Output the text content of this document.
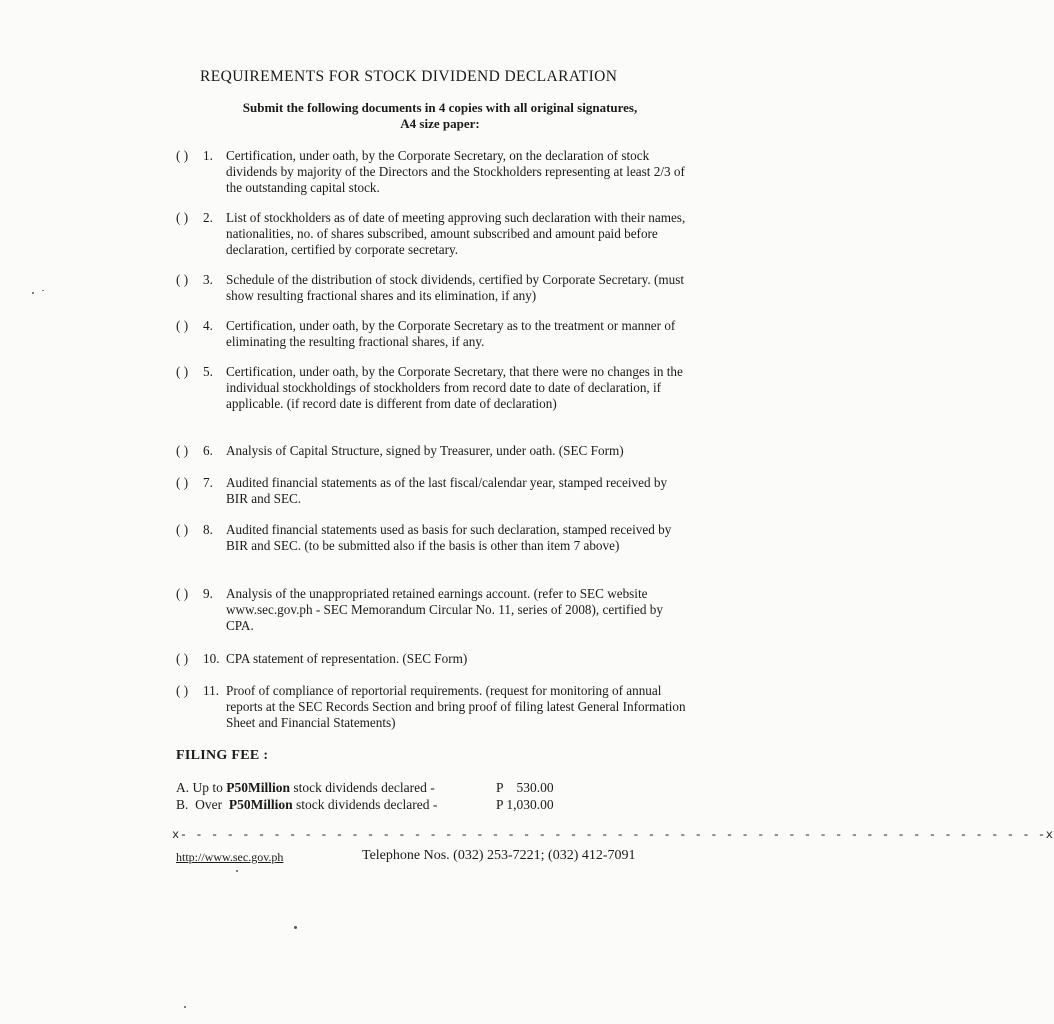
REQUIREMENTS FOR STOCK DIVIDEND DECLARATION
Submit the following documents in 4 copies with all original signatures,
A4 size paper:
( ) 1. Certification, under oath, by the Corporate Secretary, on the declaration of stock dividends by majority of the Directors and the Stockholders representing at least 2/3 of the outstanding capital stock.
( ) 2. List of stockholders as of date of meeting approving such declaration with their names, nationalities, no. of shares subscribed, amount subscribed and amount paid before declaration, certified by corporate secretary.
( ) 3. Schedule of the distribution of stock dividends, certified by Corporate Secretary. (must show resulting fractional shares and its elimination, if any)
( ) 4. Certification, under oath, by the Corporate Secretary as to the treatment or manner of eliminating the resulting fractional shares, if any.
( ) 5. Certification, under oath, by the Corporate Secretary, that there were no changes in the individual stockholdings of stockholders from record date to date of declaration, if applicable. (if record date is different from date of declaration)
( ) 6. Analysis of Capital Structure, signed by Treasurer, under oath. (SEC Form)
( ) 7. Audited financial statements as of the last fiscal/calendar year, stamped received by BIR and SEC.
( ) 8. Audited financial statements used as basis for such declaration, stamped received by BIR and SEC. (to be submitted also if the basis is other than item 7 above)
( ) 9. Analysis of the unappropriated retained earnings account. (refer to SEC website www.sec.gov.ph - SEC Memorandum Circular No. 11, series of 2008), certified by CPA.
( ) 10. CPA statement of representation. (SEC Form)
( ) 11. Proof of compliance of reportorial requirements. (request for monitoring of annual reports at the SEC Records Section and bring proof of filing latest General Information Sheet and Financial Statements)
FILING FEE :
A. Up to P50Million stock dividends declared -	P    530.00
B.  Over  P50Million stock dividends declared -	P 1,030.00
x- - - - - - - - - - - - - - - - - - - - - - - - - - - - - - - - - - - - - - - - - - - - - - - - - - - - - - - -x
http://www.sec.gov.ph	Telephone Nos. (032) 253-7221; (032) 412-7091
